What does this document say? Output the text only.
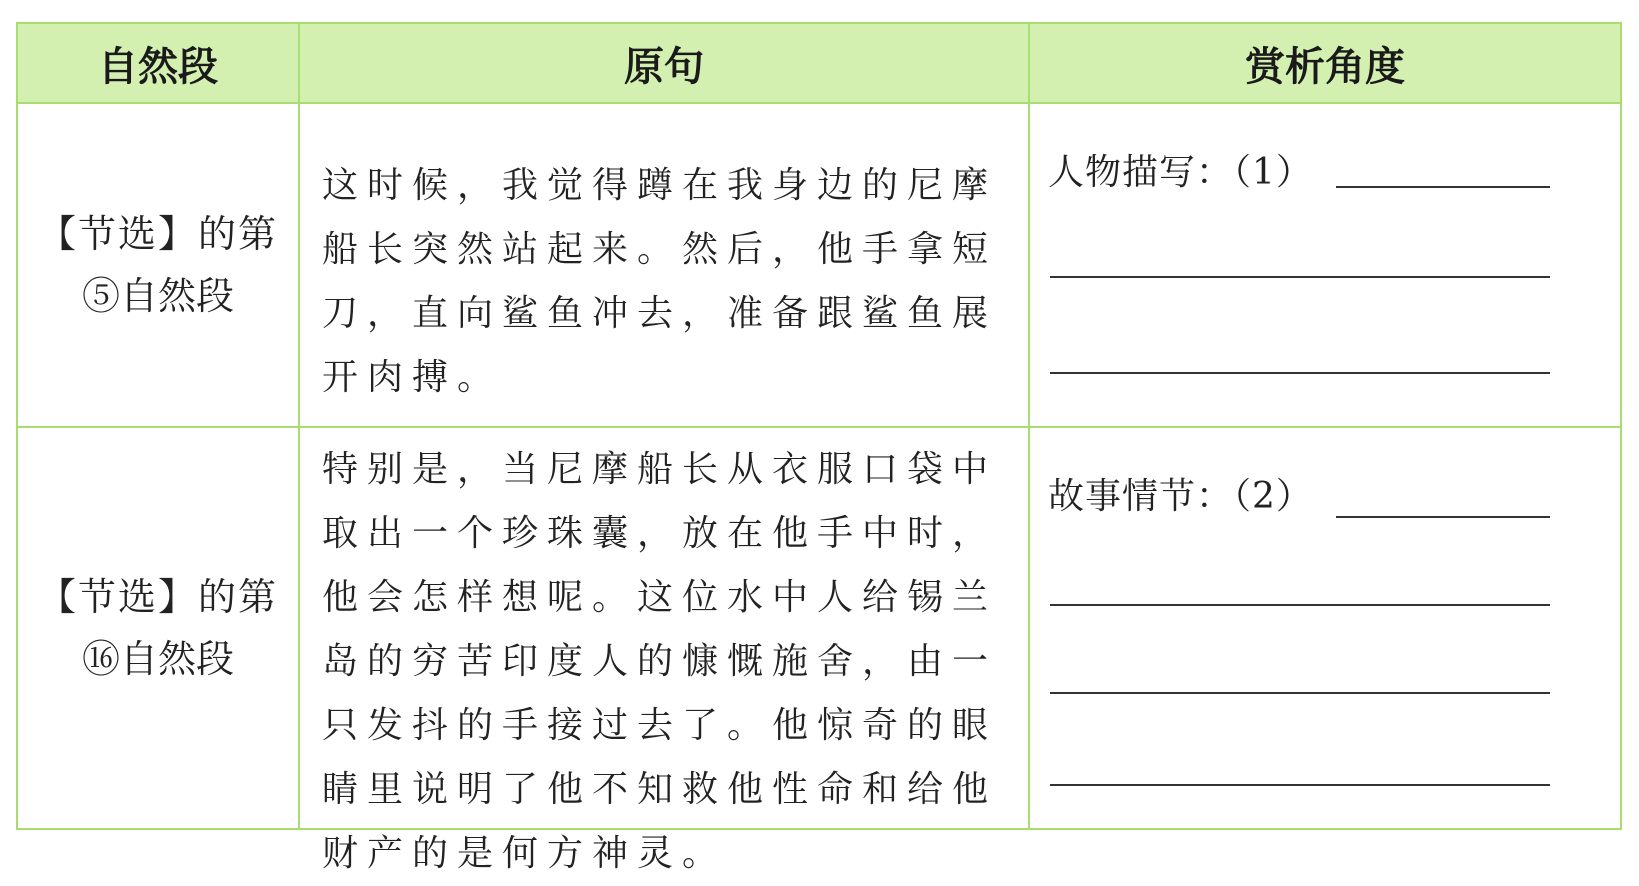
自然段	原句	赏析角度
【节选】的第
⑤自然段
这时候，我觉得蹲在我身边的尼摩船长突然站起来。然后，他手拿短刀，直向鲨鱼冲去，准备跟鲨鱼展开肉搏。
人物描写：（1）
【节选】的第
⑯自然段
特别是，当尼摩船长从衣服口袋中取出一个珍珠囊，放在他手中时，他会怎样想呢。这位水中人给锡兰岛的穷苦印度人的慷慨施舍，由一只发抖的手接过去了。他惊奇的眼睛里说明了他不知救他性命和给他财产的是何方神灵。
故事情节：（2）
